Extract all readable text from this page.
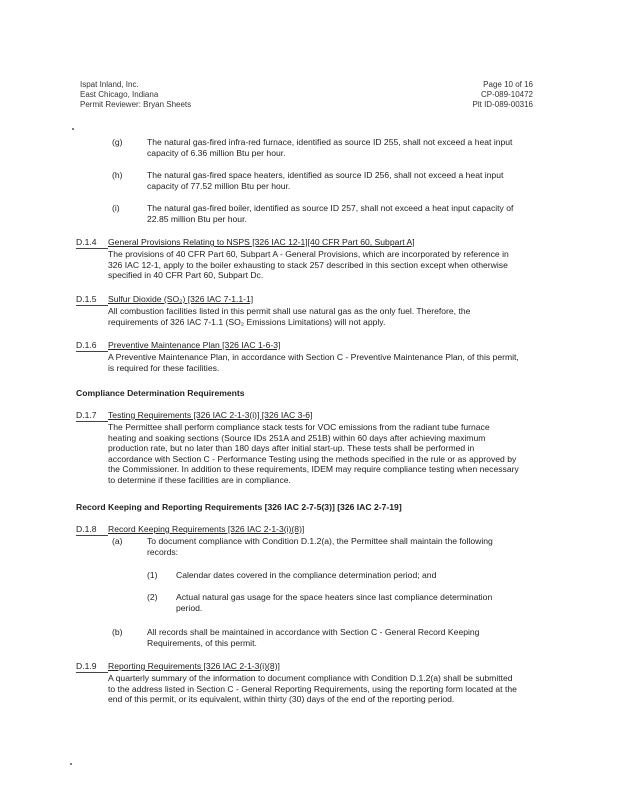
Ispat Inland, Inc.
East Chicago, Indiana
Permit Reviewer: Bryan Sheets
Page 10 of 16
CP-089-10472
Plt ID-089-00316
(g)	The natural gas-fired infra-red furnace, identified as source ID 255, shall not exceed a heat input capacity of 6.36 million Btu per hour.
(h)	The natural gas-fired space heaters, identified as source ID 256, shall not exceed a heat input capacity of 77.52 million Btu per hour.
(i)	The natural gas-fired boiler, identified as source ID 257, shall not exceed a heat input capacity of 22.85 million Btu per hour.
D.1.4 General Provisions Relating to NSPS [326 IAC 12-1][40 CFR Part 60, Subpart A]
The provisions of 40 CFR Part 60, Subpart A - General Provisions, which are incorporated by reference in 326 IAC 12-1, apply to the boiler exhausting to stack 257 described in this section except when otherwise specified in 40 CFR Part 60, Subpart Dc.
D.1.5 Sulfur Dioxide (SO₂) [326 IAC 7-1.1-1]
All combustion facilities listed in this permit shall use natural gas as the only fuel. Therefore, the requirements of 326 IAC 7-1.1 (SO₂ Emissions Limitations) will not apply.
D.1.6 Preventive Maintenance Plan [326 IAC 1-6-3]
A Preventive Maintenance Plan, in accordance with Section C - Preventive Maintenance Plan, of this permit, is required for these facilities.
Compliance Determination Requirements
D.1.7 Testing Requirements [326 IAC 2-1-3(i)] [326 IAC 3-6]
The Permittee shall perform compliance stack tests for VOC emissions from the radiant tube furnace heating and soaking sections (Source IDs 251A and 251B) within 60 days after achieving maximum production rate, but no later than 180 days after initial start-up. These tests shall be performed in accordance with Section C - Performance Testing using the methods specified in the rule or as approved by the Commissioner. In addition to these requirements, IDEM may require compliance testing when necessary to determine if these facilities are in compliance.
Record Keeping and Reporting Requirements [326 IAC 2-7-5(3)] [326 IAC 2-7-19]
D.1.8 Record Keeping Requirements [326 IAC 2-1-3(i)(8)]
(a)	To document compliance with Condition D.1.2(a), the Permittee shall maintain the following records:
(1) Calendar dates covered in the compliance determination period; and
(2) Actual natural gas usage for the space heaters since last compliance determination period.
(b)	All records shall be maintained in accordance with Section C - General Record Keeping Requirements, of this permit.
D.1.9 Reporting Requirements [326 IAC 2-1-3(i)(8)]
A quarterly summary of the information to document compliance with Condition D.1.2(a) shall be submitted to the address listed in Section C - General Reporting Requirements, using the reporting form located at the end of this permit, or its equivalent, within thirty (30) days of the end of the reporting period.
